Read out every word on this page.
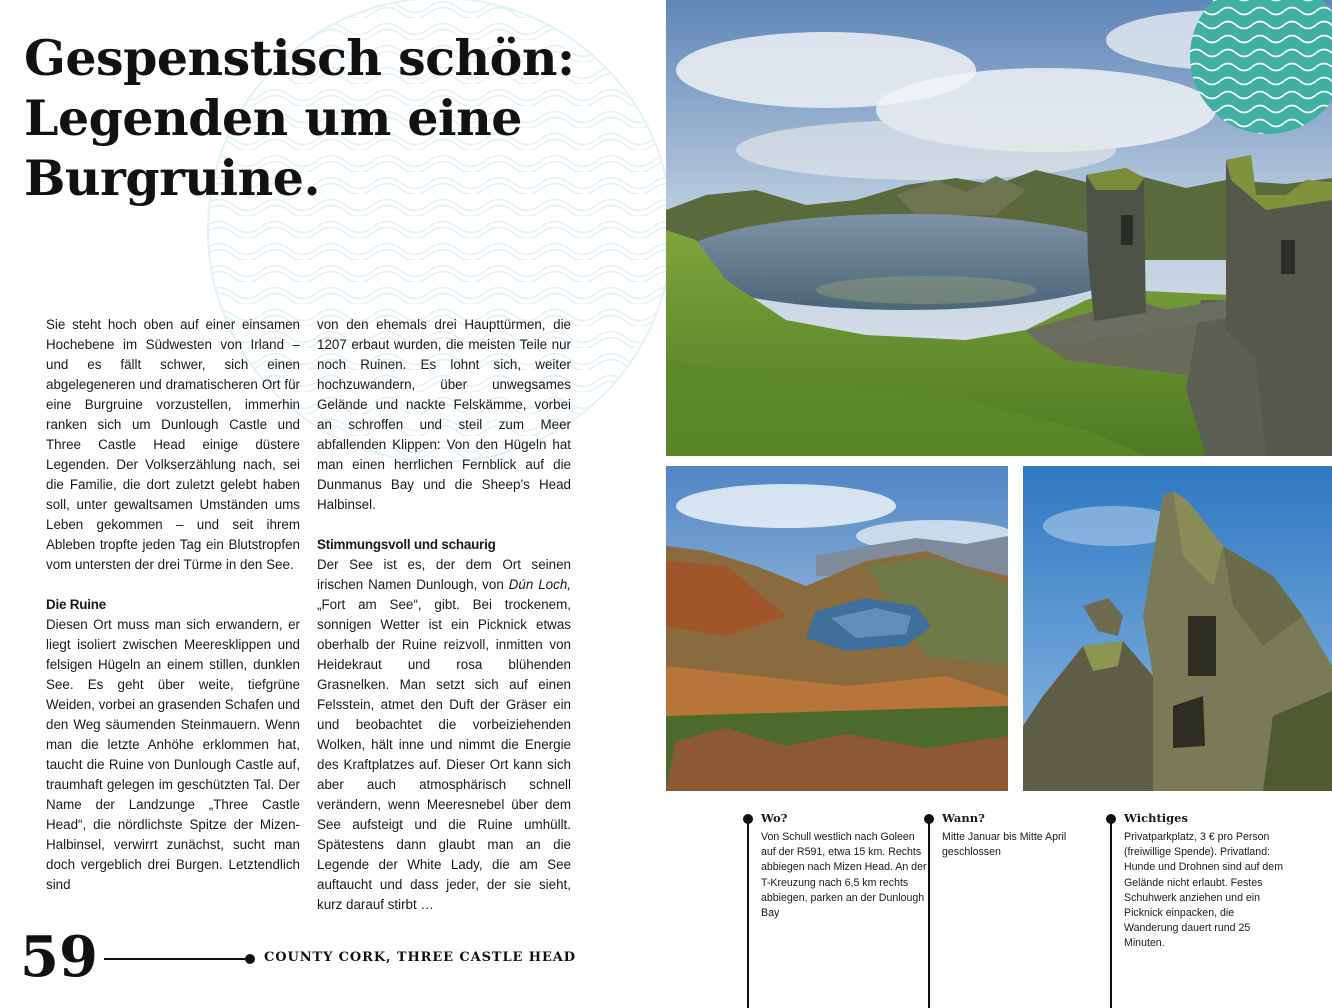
Gespenstisch schön:
Legenden um eine
Burgruine.

Sie steht hoch oben auf einer einsamen Hochebene im Südwesten von Irland – und es fällt schwer, sich einen abgelegeneren und dramatischeren Ort für eine Burgruine vorzustellen, immerhin ranken sich um Dunlough Castle und Three Castle Head einige düstere Legenden. Der Volkserzählung nach, sei die Familie, die dort zuletzt gelebt haben soll, unter gewaltsamen Umständen ums Leben gekommen – und seit ihrem Ableben tropfte jeden Tag ein Blutstropfen vom untersten der drei Türme in den See.

Die Ruine

Diesen Ort muss man sich erwandern, er liegt isoliert zwischen Meeresklippen und felsigen Hügeln an einem stillen, dunklen See. Es geht über weite, tiefgrüne Weiden, vorbei an grasenden Schafen und den Weg säumenden Steinmauern. Wenn man die letzte Anhöhe erklommen hat, taucht die Ruine von Dunlough Castle auf, traumhaft gelegen im geschützten Tal. Der Name der Landzunge „Three Castle Head“, die nördlichste Spitze der Mizen-Halbinsel, verwirrt zunächst, sucht man doch vergeblich drei Burgen. Letztendlich sind

von den ehemals drei Haupttürmen, die 1207 erbaut wurden, die meisten Teile nur noch Ruinen. Es lohnt sich, weiter hochzuwandern, über unwegsames Gelände und nackte Felskämme, vorbei an schroffen und steil zum Meer abfallenden Klippen: Von den Hügeln hat man einen herrlichen Fernblick auf die Dunmanus Bay und die Sheep’s Head Halbinsel.

Stimmungsvoll und schaurig

Der See ist es, der dem Ort seinen irischen Namen Dunlough, von Dún Loch, „Fort am See“, gibt. Bei trockenem, sonnigen Wetter ist ein Picknick etwas oberhalb der Ruine reizvoll, inmitten von Heidekraut und rosa blühenden Grasnelken. Man setzt sich auf einen Felsstein, atmet den Duft der Gräser ein und beobachtet die vorbeiziehenden Wolken, hält inne und nimmt die Energie des Kraftplatzes auf. Dieser Ort kann sich aber auch atmosphärisch schnell verändern, wenn Meeresnebel über dem See aufsteigt und die Ruine umhüllt. Spätestens dann glaubt man an die Legende der White Lady, die am See auftaucht und dass jeder, der sie sieht, kurz darauf stirbt …

59	COUNTY CORK, THREE CASTLE HEAD
Wo?

Von Schull westlich nach Goleen auf der R591, etwa 15 km. Rechts abbiegen nach Mizen Head. An der T-Kreuzung nach 6,5 km rechts abbiegen, parken an der Dunlough Bay

Wann?

Mitte Januar bis Mitte April geschlossen

Wichtiges

Privatparkplatz, 3 € pro Person (freiwillige Spende). Privatland: Hunde und Drohnen sind auf dem Gelände nicht erlaubt. Festes Schuhwerk anziehen und ein Picknick einpacken, die Wanderung dauert rund 25 Minuten.
